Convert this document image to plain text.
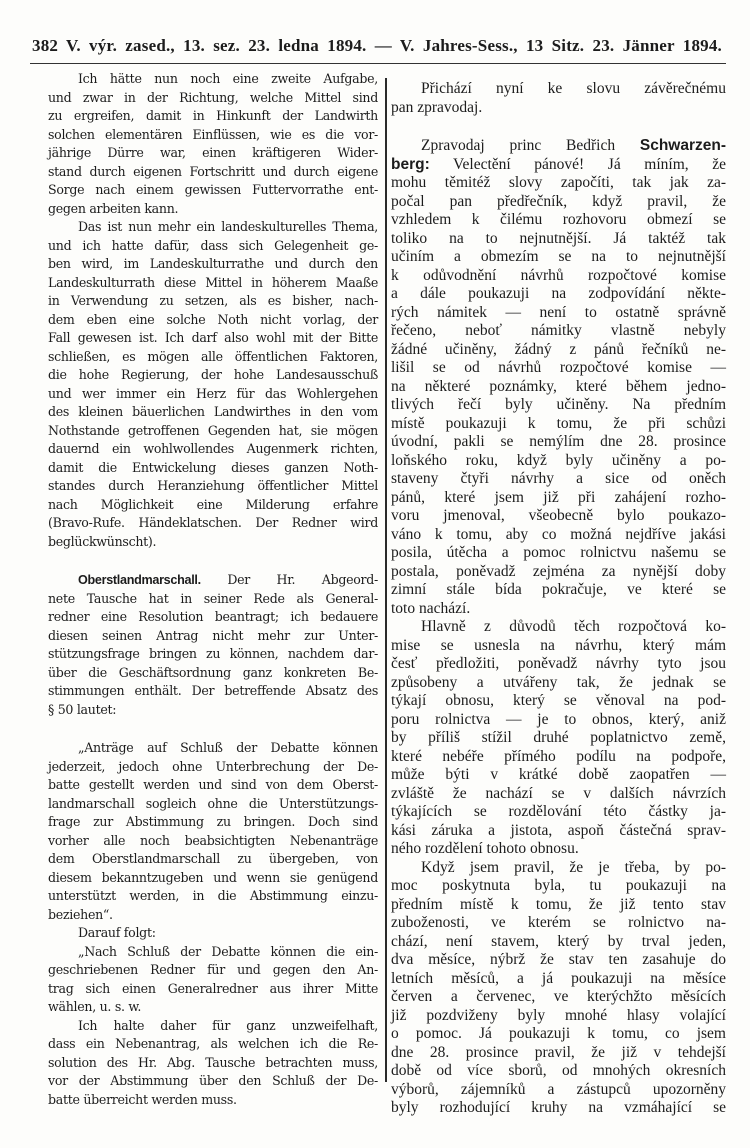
382 V. výr. zased., 13. sez. 23. ledna 1894. — V. Jahres-Sess., 13 Sitz. 23. Jänner 1894.
Ich hätte nun noch eine zweite Aufgabe,
und zwar in der Richtung, welche Mittel sind
zu ergreifen, damit in Hinkunft der Landwirth
solchen elementären Einflüssen, wie es die vor-
jährige Dürre war, einen kräftigeren Wider-
stand durch eigenen Fortschritt und durch eigene
Sorge nach einem gewissen Futtervorrathe ent-
gegen arbeiten kann.
Das ist nun mehr ein landeskulturelles Thema,
und ich hatte dafür, dass sich Gelegenheit ge-
ben wird, im Landeskulturrathe und durch den
Landeskulturrath diese Mittel in höherem Maaße
in Verwendung zu setzen, als es bisher, nach-
dem eben eine solche Noth nicht vorlag, der
Fall gewesen ist. Ich darf also wohl mit der Bitte
schließen, es mögen alle öffentlichen Faktoren,
die hohe Regierung, der hohe Landesausschuß
und wer immer ein Herz für das Wohlergehen
des kleinen bäuerlichen Landwirthes in den vom
Nothstande getroffenen Gegenden hat, sie mögen
dauernd ein wohlwollendes Augenmerk richten,
damit die Entwickelung dieses ganzen Noth-
standes durch Heranziehung öffentlicher Mittel
nach Möglichkeit eine Milderung erfahre
(Bravo-Rufe. Händeklatschen. Der Redner wird
beglückwünscht).
Oberstlandmarschall. Der Hr. Abgeord-
nete Tausche hat in seiner Rede als General-
redner eine Resolution beantragt; ich bedauere
diesen seinen Antrag nicht mehr zur Unter-
stützungsfrage bringen zu können, nachdem dar-
über die Geschäftsordnung ganz konkreten Be-
stimmungen enthält. Der betreffende Absatz des
§ 50 lautet:
„Anträge auf Schluß der Debatte können
jederzeit, jedoch ohne Unterbrechung der De-
batte gestellt werden und sind von dem Oberst-
landmarschall sogleich ohne die Unterstützungs-
frage zur Abstimmung zu bringen. Doch sind
vorher alle noch beabsichtigten Nebenanträge
dem Oberstlandmarschall zu übergeben, von
diesem bekanntzugeben und wenn sie genügend
unterstützt werden, in die Abstimmung einzu-
beziehen“.
Darauf folgt:
„Nach Schluß der Debatte können die ein-
geschriebenen Redner für und gegen den An-
trag sich einen Generalredner aus ihrer Mitte
wählen, u. s. w.
Ich halte daher für ganz unzweifelhaft,
dass ein Nebenantrag, als welchen ich die Re-
solution des Hr. Abg. Tausche betrachten muss,
vor der Abstimmung über den Schluß der De-
batte überreicht werden muss.
Přichází nyní ke slovu závěrečnému
pan zpravodaj.
Zpravodaj princ Bedřich Schwarzen-
berg: Velectění pánové! Já míním, že
mohu těmitéž slovy započíti, tak jak za-
počal pan předřečník, když pravil, že
vzhledem k čilému rozhovoru obmezí se
toliko na to nejnutnější. Já taktéž tak
učiním a obmezím se na to nejnutnější
k odůvodnění návrhů rozpočtové komise
a dále poukazuji na zodpovídání někte-
rých námitek — není to ostatně správně
řečeno, neboť námitky vlastně nebyly
žádné učiněny, žádný z pánů řečníků ne-
lišil se od návrhů rozpočtové komise —
na některé poznámky, které během jedno-
tlivých řečí byly učiněny. Na předním
místě poukazuji k tomu, že při schůzi
úvodní, pakli se nemýlím dne 28. prosince
loňského roku, když byly učiněny a po-
staveny čtyři návrhy a sice od oněch
pánů, které jsem již při zahájení rozho-
voru jmenoval, všeobecně bylo poukazo-
váno k tomu, aby co možná nejdříve jakási
posila, útěcha a pomoc rolnictvu našemu se
postala, poněvadž zejména za nynější doby
zimní stále bída pokračuje, ve které se
toto nachází.
Hlavně z důvodů těch rozpočtová ko-
mise se usnesla na návrhu, který mám
česť předložiti, poněvadž návrhy tyto jsou
způsobeny a utvářeny tak, že jednak se
týkají obnosu, který se věnoval na pod-
poru rolnictva — je to obnos, který, aniž
by příliš stížil druhé poplatnictvo země,
které nebéře přímého podílu na podpoře,
může býti v krátké době zaopatřen —
zvláště že nachází se v dalších návrzích
týkajících se rozdělování této částky ja-
kási záruka a jistota, aspoň částečná sprav-
ného rozdělení tohoto obnosu.
Když jsem pravil, že je třeba, by po-
moc poskytnuta byla, tu poukazuji na
předním místě k tomu, že již tento stav
zuboženosti, ve kterém se rolnictvo na-
chází, není stavem, který by trval jeden,
dva měsíce, nýbrž že stav ten zasahuje do
letních měsíců, a já poukazuji na měsíce
červen a červenec, ve kterýchžto měsících
již pozdviženy byly mnohé hlasy volající
o pomoc. Já poukazuji k tomu, co jsem
dne 28. prosince pravil, že již v tehdejší
době od více sborů, od mnohých okresních
výborů, zájemníků a zástupců upozorněny
byly rozhodující kruhy na vzmáhající se
